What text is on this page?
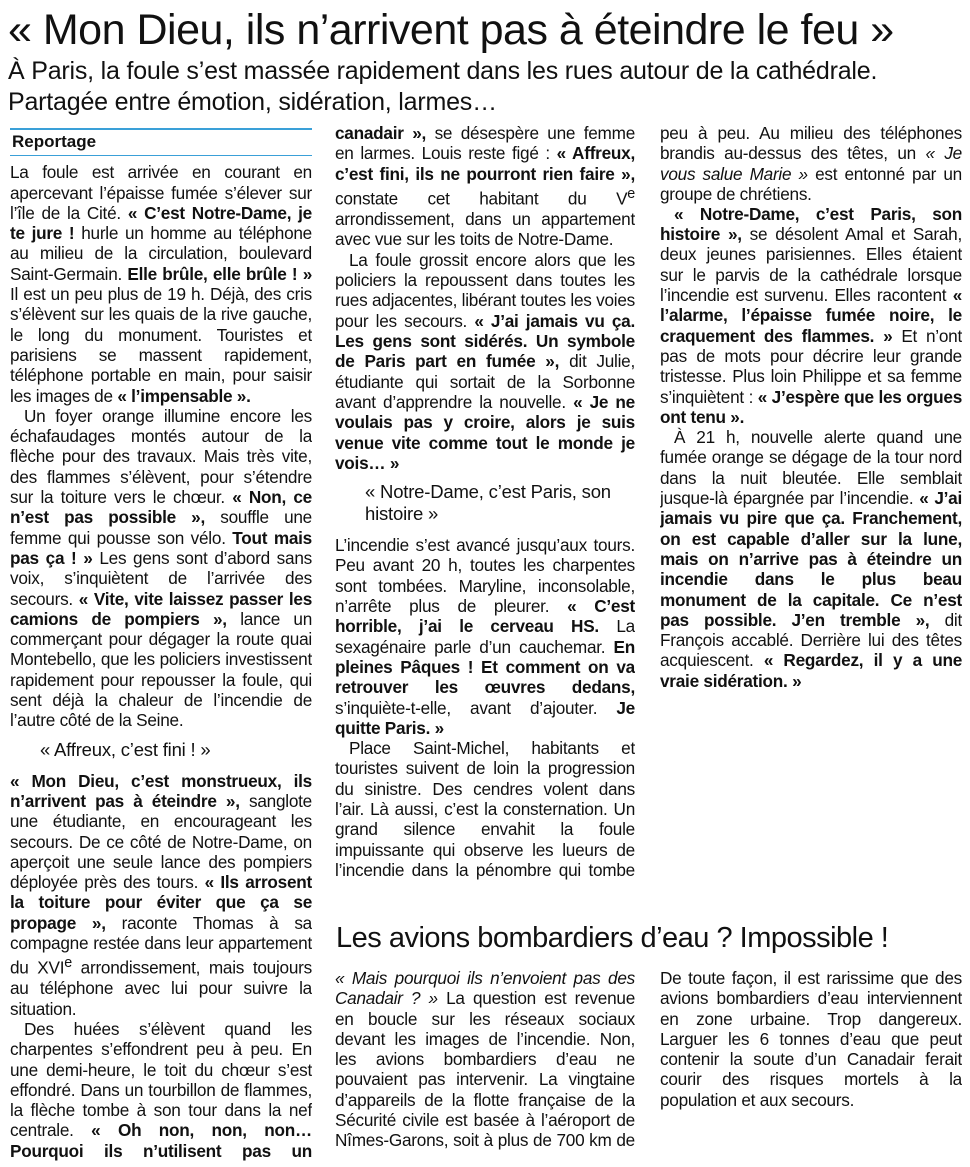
« Mon Dieu, ils n’arrivent pas à éteindre le feu »

À Paris, la foule s’est massée rapidement dans les rues autour de la cathédrale.

Partagée entre émotion, sidération, larmes…

Reportage

La foule est arrivée en courant en apercevant l’épaisse fumée s’élever sur l’île de la Cité. « C’est Notre-Dame, je te jure ! hurle un homme au téléphone au milieu de la circulation, boulevard Saint-Germain. Elle brûle, elle brûle ! » Il est un peu plus de 19 h. Déjà, des cris s’élèvent sur les quais de la rive gauche, le long du monument. Touristes et parisiens se massent rapidement, téléphone portable en main, pour saisir les images de « l’impensable ».

Un foyer orange illumine encore les échafaudages montés autour de la flèche pour des travaux. Mais très vite, des flammes s’élèvent, pour s’étendre sur la toiture vers le chœur. « Non, ce n’est pas possible », souffle une femme qui pousse son vélo. Tout mais pas ça ! » Les gens sont d’abord sans voix, s’inquiètent de l’arrivée des secours. « Vite, vite laissez passer les camions de pompiers », lance un commerçant pour dégager la route quai Montebello, que les policiers investissent rapidement pour repousser la foule, qui sent déjà la chaleur de l’incendie de l’autre côté de la Seine.

« Affreux, c’est fini ! »

« Mon Dieu, c’est monstrueux, ils n’arrivent pas à éteindre », sanglote une étudiante, en encourageant les secours. De ce côté de Notre-Dame, on aperçoit une seule lance des pompiers déployée près des tours. « Ils arrosent la toiture pour éviter que ça se propage », raconte Thomas à sa compagne restée dans leur appartement du XVIe arrondissement, mais toujours au téléphone avec lui pour suivre la situation.

Des huées s’élèvent quand les charpentes s’effondrent peu à peu. En une demi-heure, le toit du chœur s’est effondré. Dans un tourbillon de flammes, la flèche tombe à son tour dans la nef centrale. « Oh non, non, non… Pourquoi ils n’utilisent pas un

canadair », se désespère une femme en larmes. Louis reste figé : « Affreux, c’est fini, ils ne pourront rien faire », constate cet habitant du Ve arrondissement, dans un appartement avec vue sur les toits de Notre-Dame.

La foule grossit encore alors que les policiers la repoussent dans toutes les rues adjacentes, libérant toutes les voies pour les secours. « J’ai jamais vu ça. Les gens sont sidérés. Un symbole de Paris part en fumée », dit Julie, étudiante qui sortait de la Sorbonne avant d’apprendre la nouvelle. « Je ne voulais pas y croire, alors je suis venue vite comme tout le monde je vois… »

« Notre-Dame, c’est Paris, son histoire »

L’incendie s’est avancé jusqu’aux tours. Peu avant 20 h, toutes les charpentes sont tombées. Maryline, inconsolable, n’arrête plus de pleurer. « C’est horrible, j’ai le cerveau HS. La sexagénaire parle d’un cauchemar. En pleines Pâques ! Et comment on va retrouver les œuvres dedans, s’inquiète-t-elle, avant d’ajouter. Je quitte Paris. »

Place Saint-Michel, habitants et touristes suivent de loin la progression du sinistre. Des cendres volent dans l’air. Là aussi, c’est la consternation. Un grand silence envahit la foule impuissante qui observe les lueurs de l’incendie dans la pénombre qui tombe

peu à peu. Au milieu des téléphones brandis au-dessus des têtes, un « Je vous salue Marie » est entonné par un groupe de chrétiens.

« Notre-Dame, c’est Paris, son histoire », se désolent Amal et Sarah, deux jeunes parisiennes. Elles étaient sur le parvis de la cathédrale lorsque l’incendie est survenu. Elles racontent « l’alarme, l’épaisse fumée noire, le craquement des flammes. » Et n’ont pas de mots pour décrire leur grande tristesse. Plus loin Philippe et sa femme s’inquiètent : « J’espère que les orgues ont tenu ».

À 21 h, nouvelle alerte quand une fumée orange se dégage de la tour nord dans la nuit bleutée. Elle semblait jusque-là épargnée par l’incendie. « J’ai jamais vu pire que ça. Franchement, on est capable d’aller sur la lune, mais on n’arrive pas à éteindre un incendie dans le plus beau monument de la capitale. Ce n’est pas possible. J’en tremble », dit François accablé. Derrière lui des têtes acquiescent. « Regardez, il y a une vraie sidération. »

Les avions bombardiers d’eau ? Impossible !

« Mais pourquoi ils n’envoient pas des Canadair ? » La question est revenue en boucle sur les réseaux sociaux devant les images de l’incendie. Non, les avions bombardiers d’eau ne pouvaient pas intervenir. La vingtaine d’appareils de la flotte française de la Sécurité civile est basée à l’aéroport de Nîmes-Garons, soit à plus de 700 km de

De toute façon, il est rarissime que des avions bombardiers d’eau interviennent en zone urbaine. Trop dangereux. Larguer les 6 tonnes d’eau que peut contenir la soute d’un Canadair ferait courir des risques mortels à la population et aux secours.
